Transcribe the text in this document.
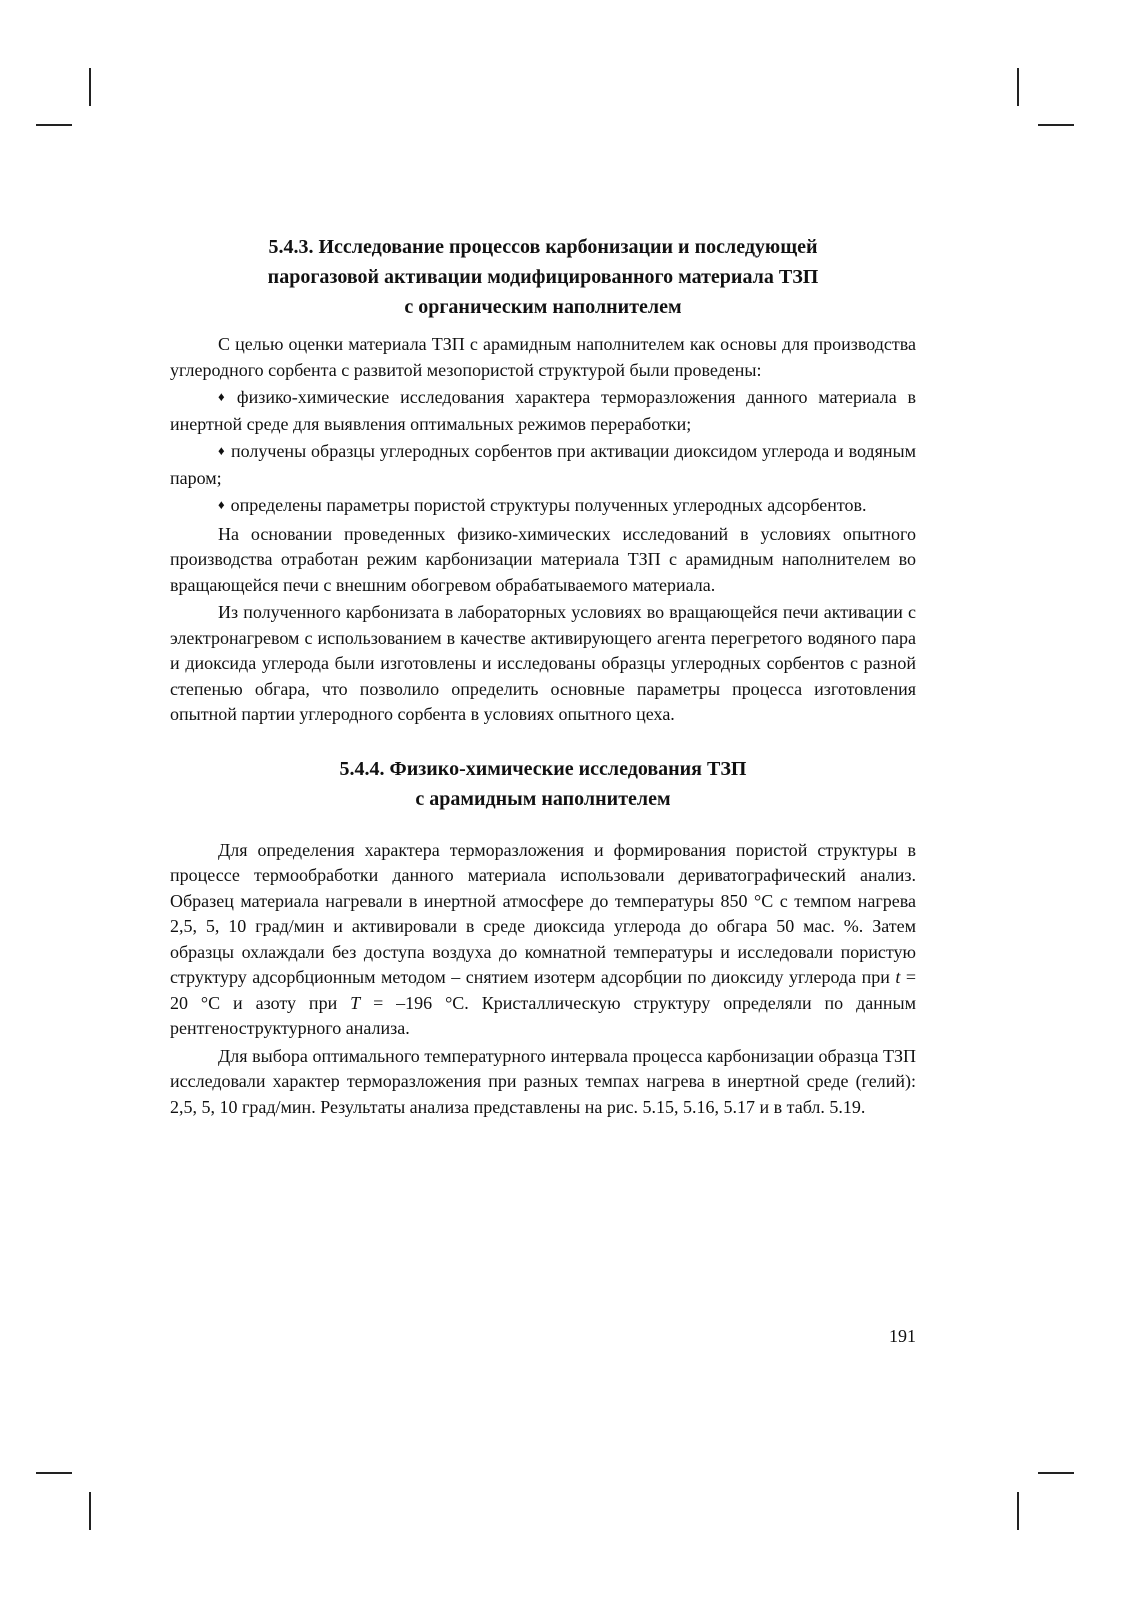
5.4.3. Исследование процессов карбонизации и последующей
парогазовой активации модифицированного материала ТЗП
с органическим наполнителем

С целью оценки материала ТЗП с арамидным наполнителем как основы для производства углеродного сорбента с развитой мезопористой структурой были проведены:

♦ физико-химические исследования характера терморазложения данного материала в инертной среде для выявления оптимальных режимов переработки;

♦ получены образцы углеродных сорбентов при активации диоксидом углерода и водяным паром;

♦ определены параметры пористой структуры полученных углеродных адсорбентов.

На основании проведенных физико-химических исследований в условиях опытного производства отработан режим карбонизации материала ТЗП с арамидным наполнителем во вращающейся печи с внешним обогревом обрабатываемого материала.

Из полученного карбонизата в лабораторных условиях во вращающейся печи активации с электронагревом с использованием в качестве активирующего агента перегретого водяного пара и диоксида углерода были изготовлены и исследованы образцы углеродных сорбентов с разной степенью обгара, что позволило определить основные параметры процесса изготовления опытной партии углеродного сорбента в условиях опытного цеха.

5.4.4. Физико-химические исследования ТЗП
с арамидным наполнителем

Для определения характера терморазложения и формирования пористой структуры в процессе термообработки данного материала использовали дериватографический анализ. Образец материала нагревали в инертной атмосфере до температуры 850 °С с темпом нагрева 2,5, 5, 10 град/мин и активировали в среде диоксида углерода до обгара 50 мас. %. Затем образцы охлаждали без доступа воздуха до комнатной температуры и исследовали пористую структуру адсорбционным методом – снятием изотерм адсорбции по диоксиду углерода при t = 20 °С и азоту при T = –196 °С. Кристаллическую структуру определяли по данным рентгеноструктурного анализа.

Для выбора оптимального температурного интервала процесса карбонизации образца ТЗП исследовали характер терморазложения при разных темпах нагрева в инертной среде (гелий): 2,5, 5, 10 град/мин. Результаты анализа представлены на рис. 5.15, 5.16, 5.17 и в табл. 5.19.

191
